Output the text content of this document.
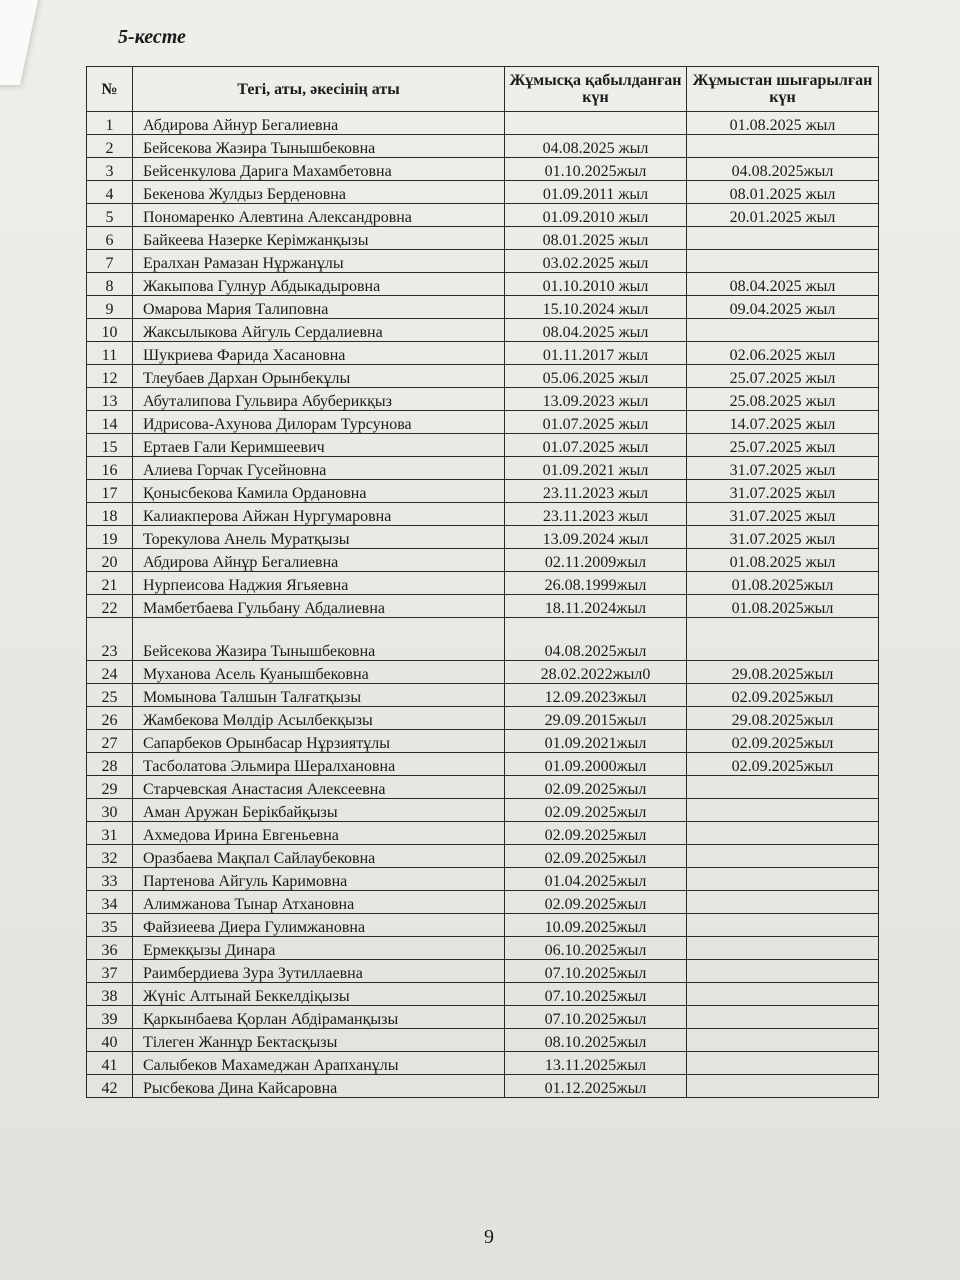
5-кесте
№	Тегі, аты, әкесінің аты	Жұмысқа қабылданған күн	Жұмыстан шығарылған күн
1	Абдирова Айнур Бегалиевна		01.08.2025 жыл
2	Бейсекова Жазира Тынышбековна	04.08.2025 жыл	
3	Бейсенкулова Дарига Махамбетовна	01.10.2025жыл	04.08.2025жыл
4	Бекенова Жулдыз Берденовна	01.09.2011 жыл	08.01.2025 жыл
5	Пономаренко Алевтина Александровна	01.09.2010 жыл	20.01.2025 жыл
6	Байкеева Назерке Керімжанқызы	08.01.2025 жыл	
7	Ералхан Рамазан Нұржанұлы	03.02.2025 жыл	
8	Жакыпова Гулнур Абдыкадыровна	01.10.2010 жыл	08.04.2025 жыл
9	Омарова Мария Талиповна	15.10.2024 жыл	09.04.2025 жыл
10	Жаксылыкова Айгуль Сердалиевна	08.04.2025 жыл	
11	Шукриева Фарида Хасановна	01.11.2017 жыл	02.06.2025 жыл
12	Тлеубаев Дархан Орынбекұлы	05.06.2025 жыл	25.07.2025 жыл
13	Абуталипова Гульвира Абуберикқыз	13.09.2023 жыл	25.08.2025 жыл
14	Идрисова-Ахунова Дилорам Турсунова	01.07.2025 жыл	14.07.2025 жыл
15	Ертаев Гали Керимшеевич	01.07.2025 жыл	25.07.2025 жыл
16	Алиева Горчак Гусейновна	01.09.2021 жыл	31.07.2025 жыл
17	Қонысбекова Камила Ордановна	23.11.2023 жыл	31.07.2025 жыл
18	Калиакперова Айжан Нургумаровна	23.11.2023 жыл	31.07.2025 жыл
19	Торекулова Анель Муратқызы	13.09.2024 жыл	31.07.2025 жыл
20	Абдирова Айнұр Бегалиевна	02.11.2009жыл	01.08.2025 жыл
21	Нурпеисова Наджия Ягьяевна	26.08.1999жыл	01.08.2025жыл
22	Мамбетбаева Гульбану Абдалиевна	18.11.2024жыл	01.08.2025жыл
23	Бейсекова Жазира Тынышбековна	04.08.2025жыл	
24	Муханова Асель Куанышбековна	28.02.2022жыл0	29.08.2025жыл
25	Момынова Талшын Талғатқызы	12.09.2023жыл	02.09.2025жыл
26	Жамбекова Мөлдір Асылбекқызы	29.09.2015жыл	29.08.2025жыл
27	Сапарбеков Орынбасар Нұрзиятұлы	01.09.2021жыл	02.09.2025жыл
28	Тасболатова Эльмира Шералхановна	01.09.2000жыл	02.09.2025жыл
29	Старчевская Анастасия Алексеевна	02.09.2025жыл	
30	Аман Аружан Берікбайқызы	02.09.2025жыл	
31	Ахмедова Ирина Евгеньевна	02.09.2025жыл	
32	Оразбаева Мақпал Сайлаубековна	02.09.2025жыл	
33	Партенова Айгуль Каримовна	01.04.2025жыл	
34	Алимжанова Тынар Атхановна	02.09.2025жыл	
35	Файзиеева Диера Гулимжановна	10.09.2025жыл	
36	Ермекқызы Динара	06.10.2025жыл	
37	Раимбердиева Зура Зутиллаевна	07.10.2025жыл	
38	Жүніс Алтынай Беккелдіқызы	07.10.2025жыл	
39	Қаркынбаева Қорлан Абдіраманқызы	07.10.2025жыл	
40	Тілеген Жаннұр Бектасқызы	08.10.2025жыл	
41	Салыбеков Махамеджан Арапханұлы	13.11.2025жыл	
42	Рысбекова Дина Кайсаровна	01.12.2025жыл	
9
